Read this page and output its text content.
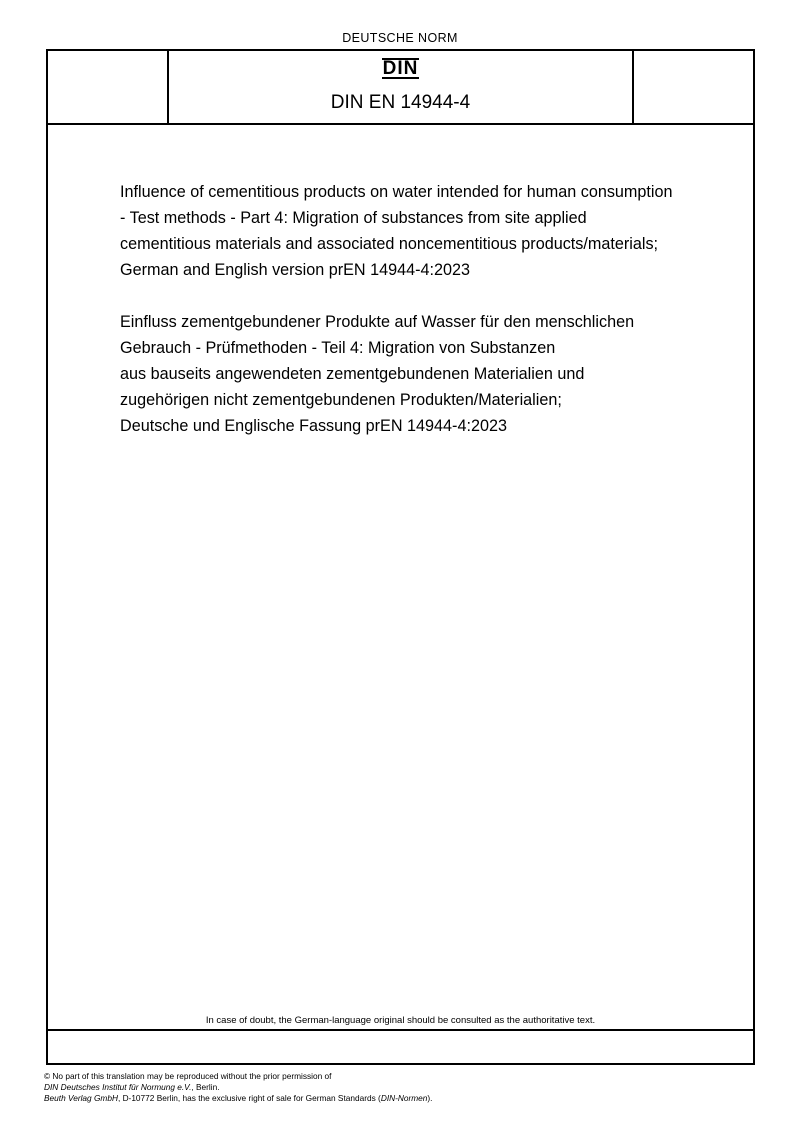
DEUTSCHE NORM
DIN
DIN EN 14944-4

Influence of cementitious products on water intended for human consumption
- Test methods - Part 4: Migration of substances from site applied
cementitious materials and associated noncementitious products/materials;
German and English version prEN 14944-4:2023

Einfluss zementgebundener Produkte auf Wasser für den menschlichen
Gebrauch - Prüfmethoden - Teil 4: Migration von Substanzen
aus bauseits angewendeten zementgebundenen Materialien und
zugehörigen nicht zementgebundenen Produkten/Materialien;
Deutsche und Englische Fassung prEN 14944-4:2023

In case of doubt, the German-language original should be consulted as the authoritative text.
© No part of this translation may be reproduced without the prior permission of
DIN Deutsches Institut für Normung e.V., Berlin.
Beuth Verlag GmbH, D-10772 Berlin, has the exclusive right of sale for German Standards (DIN-Normen).
